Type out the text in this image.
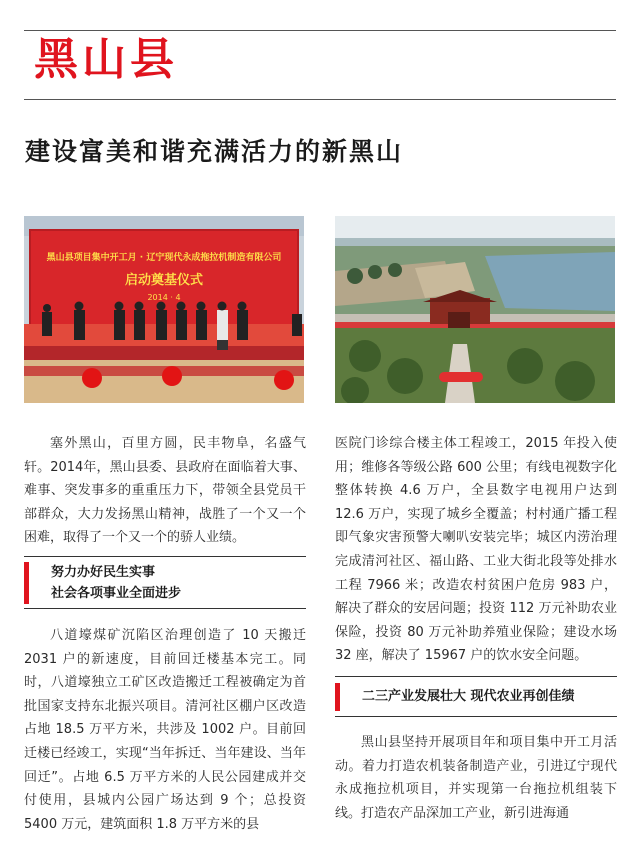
黑山县
建设富美和谐充满活力的新黑山
黑山县项目集中开工月 · 辽宁现代永成拖拉机制造有限公司
启动奠基仪式
2014 · 4

塞外黑山，百里方圆，民丰物阜，名盛气轩。2014年，黑山县委、县政府在面临着大事、难事、突发事多的重重压力下，带领全县党员干部群众，大力发扬黑山精神，战胜了一个又一个困难，取得了一个又一个的骄人业绩。

努力办好民生实事
社会各项事业全面进步

八道壕煤矿沉陷区治理创造了 10 天搬迁 2031 户的新速度，目前回迁楼基本完工。同时，八道壕独立工矿区改造搬迁工程被确定为首批国家支持东北振兴项目。清河社区棚户区改造占地 18.5 万平方米，共涉及 1002 户。目前回迁楼已经竣工，实现“当年拆迁、当年建设、当年回迁”。占地 6.5 万平方米的人民公园建成并交付使用，县城内公园广场达到 9 个；总投资 5400 万元，建筑面积 1.8 万平方米的县

医院门诊综合楼主体工程竣工，2015 年投入使用；维修各等级公路 600 公里；有线电视数字化整体转换 4.6 万户，全县数字电视用户达到 12.6 万户，实现了城乡全覆盖；村村通广播工程即气象灾害预警大喇叭安装完毕；城区内涝治理完成清河社区、福山路、工业大街北段等处排水工程 7966 米；改造农村贫困户危房 983 户，解决了群众的安居问题；投资 112 万元补助农业保险，投资 80 万元补助养殖业保险；建设水场 32 座，解决了 15967 户的饮水安全问题。

二三产业发展壮大 现代农业再创佳绩

黑山县坚持开展项目年和项目集中开工月活动。着力打造农机装备制造产业，引进辽宁现代永成拖拉机项目，并实现第一台拖拉机组装下线。打造农产品深加工产业，新引进海通
